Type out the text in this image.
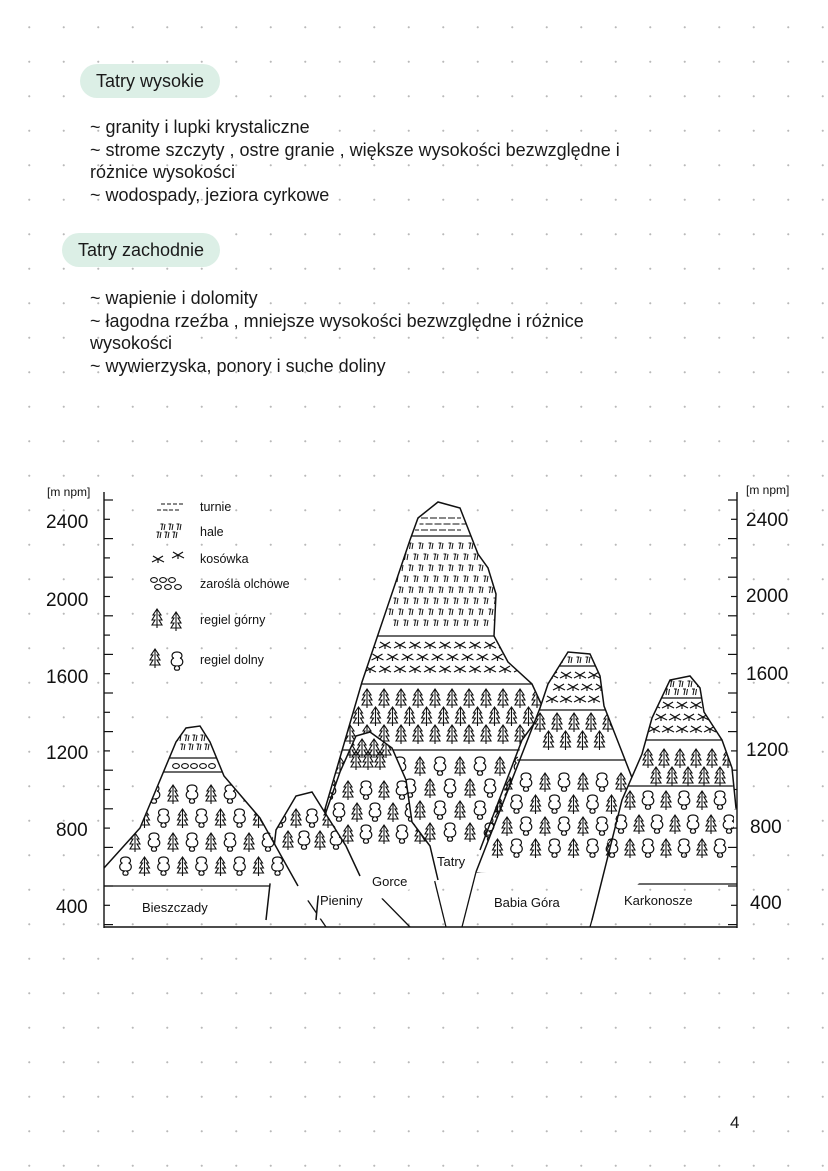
Tatry wysokie
~ granity i lupki krystaliczne
~ strome szczyty , ostre granie , większe wysokości bezwzględne i różnice wysokości
~ wodospady, jeziora cyrkowe
Tatry zachodnie
~ wapienie i dolomity
~ łagodna rzeźba , mniejsze wysokości bezwzględne i różnice wysokości
~ wywierzyska, ponory i suche doliny
[m npm]	[m npm]
2400
2000
1600
1200
800
400
2400
2000
1600
1200
800
400
turnie
hale
kosówka
zarośla olchowe
regiel górny
regiel dolny
Bieszczady	Pieniny
Gorce
Tatry
Babia Góra	Karkonosze
4
